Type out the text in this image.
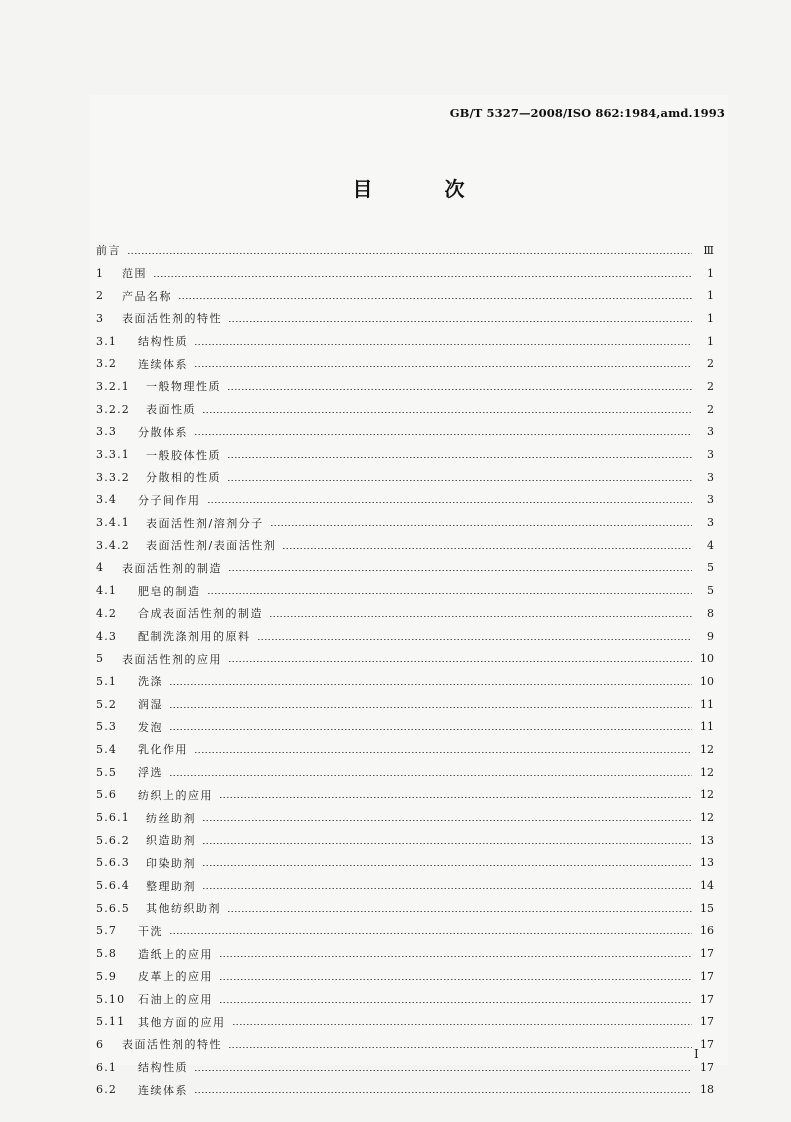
GB/T 5327—2008/ISO 862:1984,amd.1993
目　次
前言	Ⅲ
1	范围	1
2	产品名称	1
3	表面活性剂的特性	1
3.1	结构性质	1
3.2	连续体系	2
3.2.1	一般物理性质	2
3.2.2	表面性质	2
3.3	分散体系	3
3.3.1	一般胶体性质	3
3.3.2	分散相的性质	3
3.4	分子间作用	3
3.4.1	表面活性剂/溶剂分子	3
3.4.2	表面活性剂/表面活性剂	4
4	表面活性剂的制造	5
4.1	肥皂的制造	5
4.2	合成表面活性剂的制造	8
4.3	配制洗涤剂用的原料	9
5	表面活性剂的应用	10
5.1	洗涤	10
5.2	润湿	11
5.3	发泡	11
5.4	乳化作用	12
5.5	浮选	12
5.6	纺织上的应用	12
5.6.1	纺丝助剂	12
5.6.2	织造助剂	13
5.6.3	印染助剂	13
5.6.4	整理助剂	14
5.6.5	其他纺织助剂	15
5.7	干洗	16
5.8	造纸上的应用	17
5.9	皮革上的应用	17
5.10	石油上的应用	17
5.11	其他方面的应用	17
6	表面活性剂的特性	17
6.1	结构性质	17
6.2	连续体系	18
I
